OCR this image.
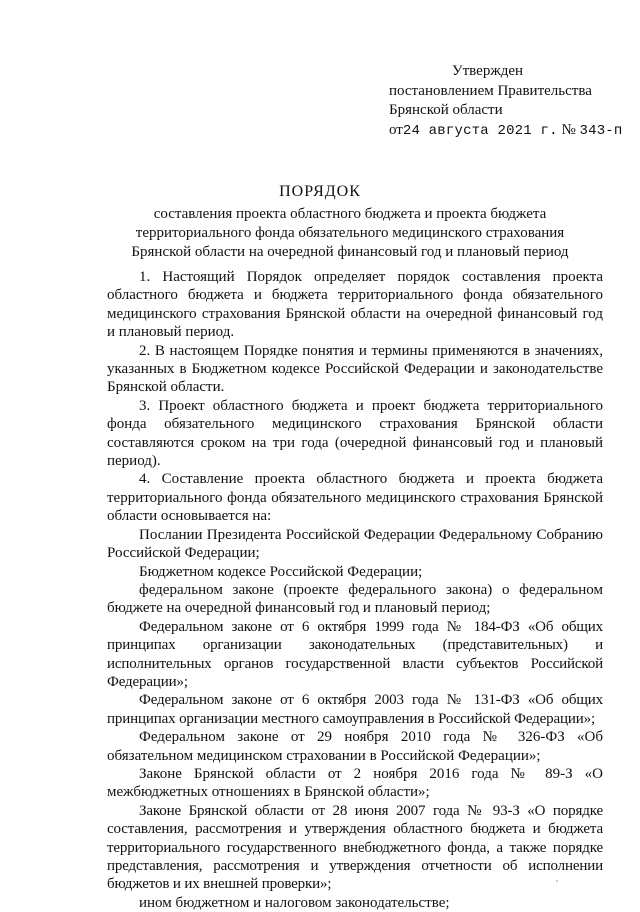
Утвержден
постановлением Правительства
Брянской области
от24 августа 2021 г. № 343-п
ПОРЯДОК
составления проекта областного бюджета и проекта бюджета территориального фонда обязательного медицинского страхования Брянской области на очередной финансовый год и плановый период

1. Настоящий Порядок определяет порядок составления проекта областного бюджета и бюджета территориального фонда обязательного медицинского страхования Брянской области на очередной финансовый год и плановый период.

2. В настоящем Порядке понятия и термины применяются в значениях, указанных в Бюджетном кодексе Российской Федерации и законодательстве Брянской области.

3. Проект областного бюджета и проект бюджета территориального фонда обязательного медицинского страхования Брянской области составляются сроком на три года (очередной финансовый год и плановый период).

4. Составление проекта областного бюджета и проекта бюджета территориального фонда обязательного медицинского страхования Брянской области основывается на:

Послании Президента Российской Федерации Федеральному Собранию Российской Федерации;

Бюджетном кодексе Российской Федерации;

федеральном законе (проекте федерального закона) о федеральном бюджете на очередной финансовый год и плановый период;

Федеральном законе от 6 октября 1999 года № 184-ФЗ «Об общих принципах организации законодательных (представительных) и исполнительных органов государственной власти субъектов Российской Федерации»;

Федеральном законе от 6 октября 2003 года № 131-ФЗ «Об общих принципах организации местного самоуправления в Российской Федерации»;

Федеральном законе от 29 ноября 2010 года № 326-ФЗ «Об обязательном медицинском страховании в Российской Федерации»;

Законе Брянской области от 2 ноября 2016 года № 89-З «О межбюджетных отношениях в Брянской области»;

Законе Брянской области от 28 июня 2007 года № 93-З «О порядке составления, рассмотрения и утверждения областного бюджета и бюджета территориального государственного внебюджетного фонда, а также порядке представления, рассмотрения и утверждения отчетности об исполнении бюджетов и их внешней проверки»;

ином бюджетном и налоговом законодательстве;
